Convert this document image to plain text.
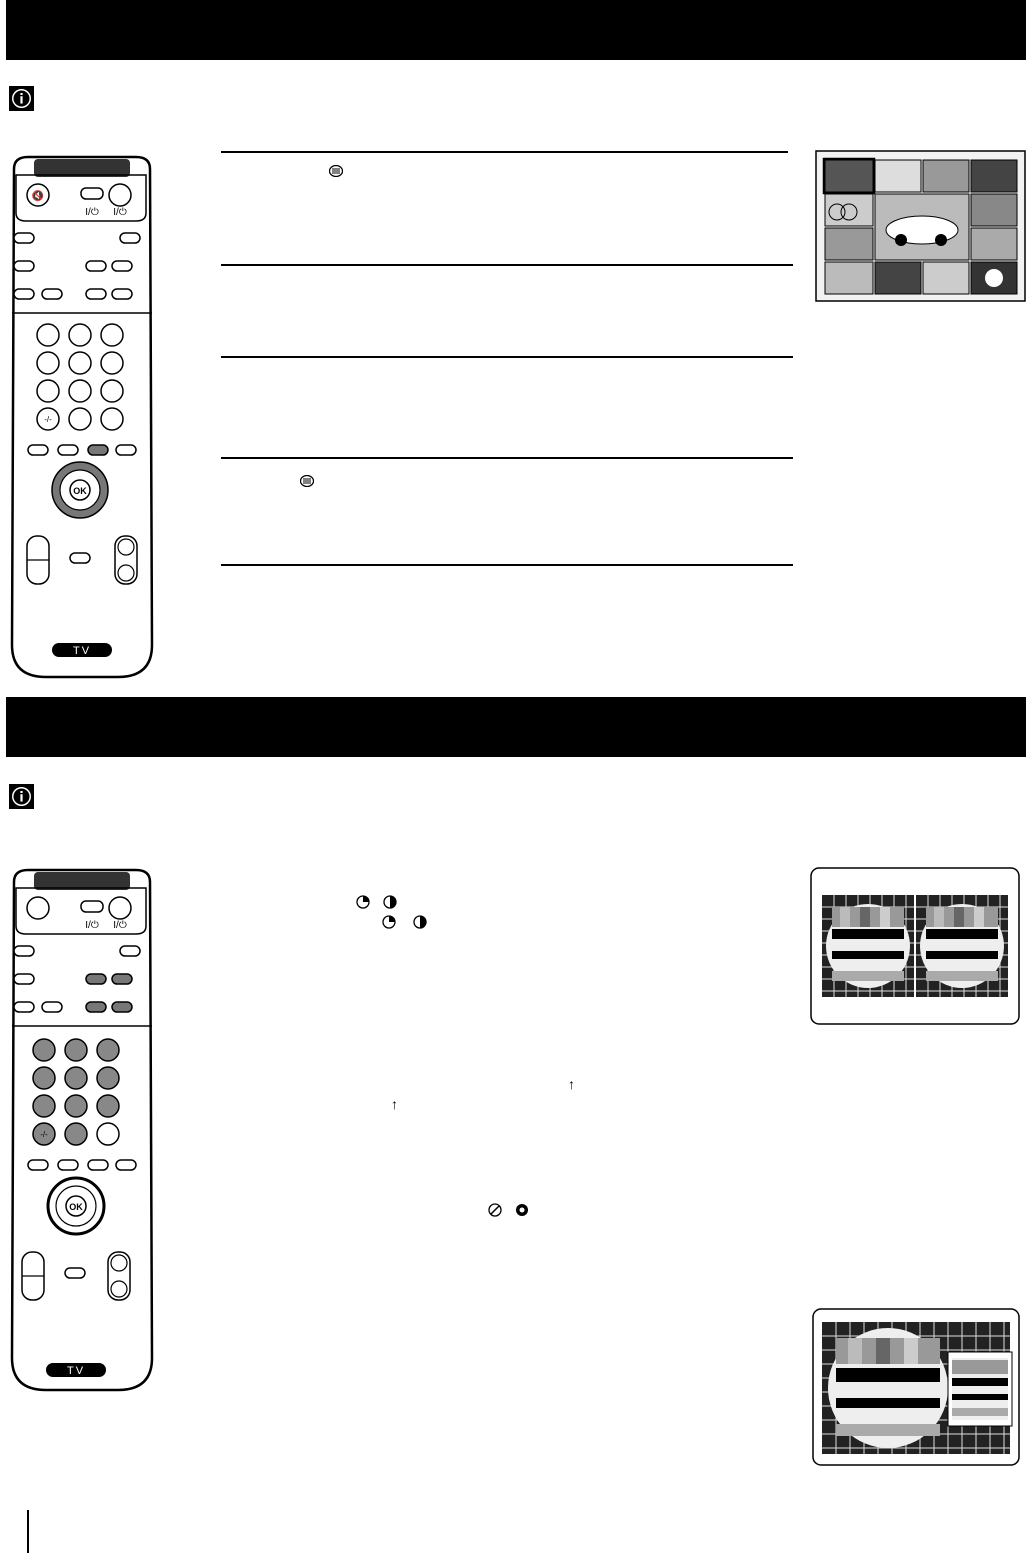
🔇
I/⏻ I/⏻
-/-
OK
TV
I/⏻ I/⏻
-/-
OK
TV
↑
↑
